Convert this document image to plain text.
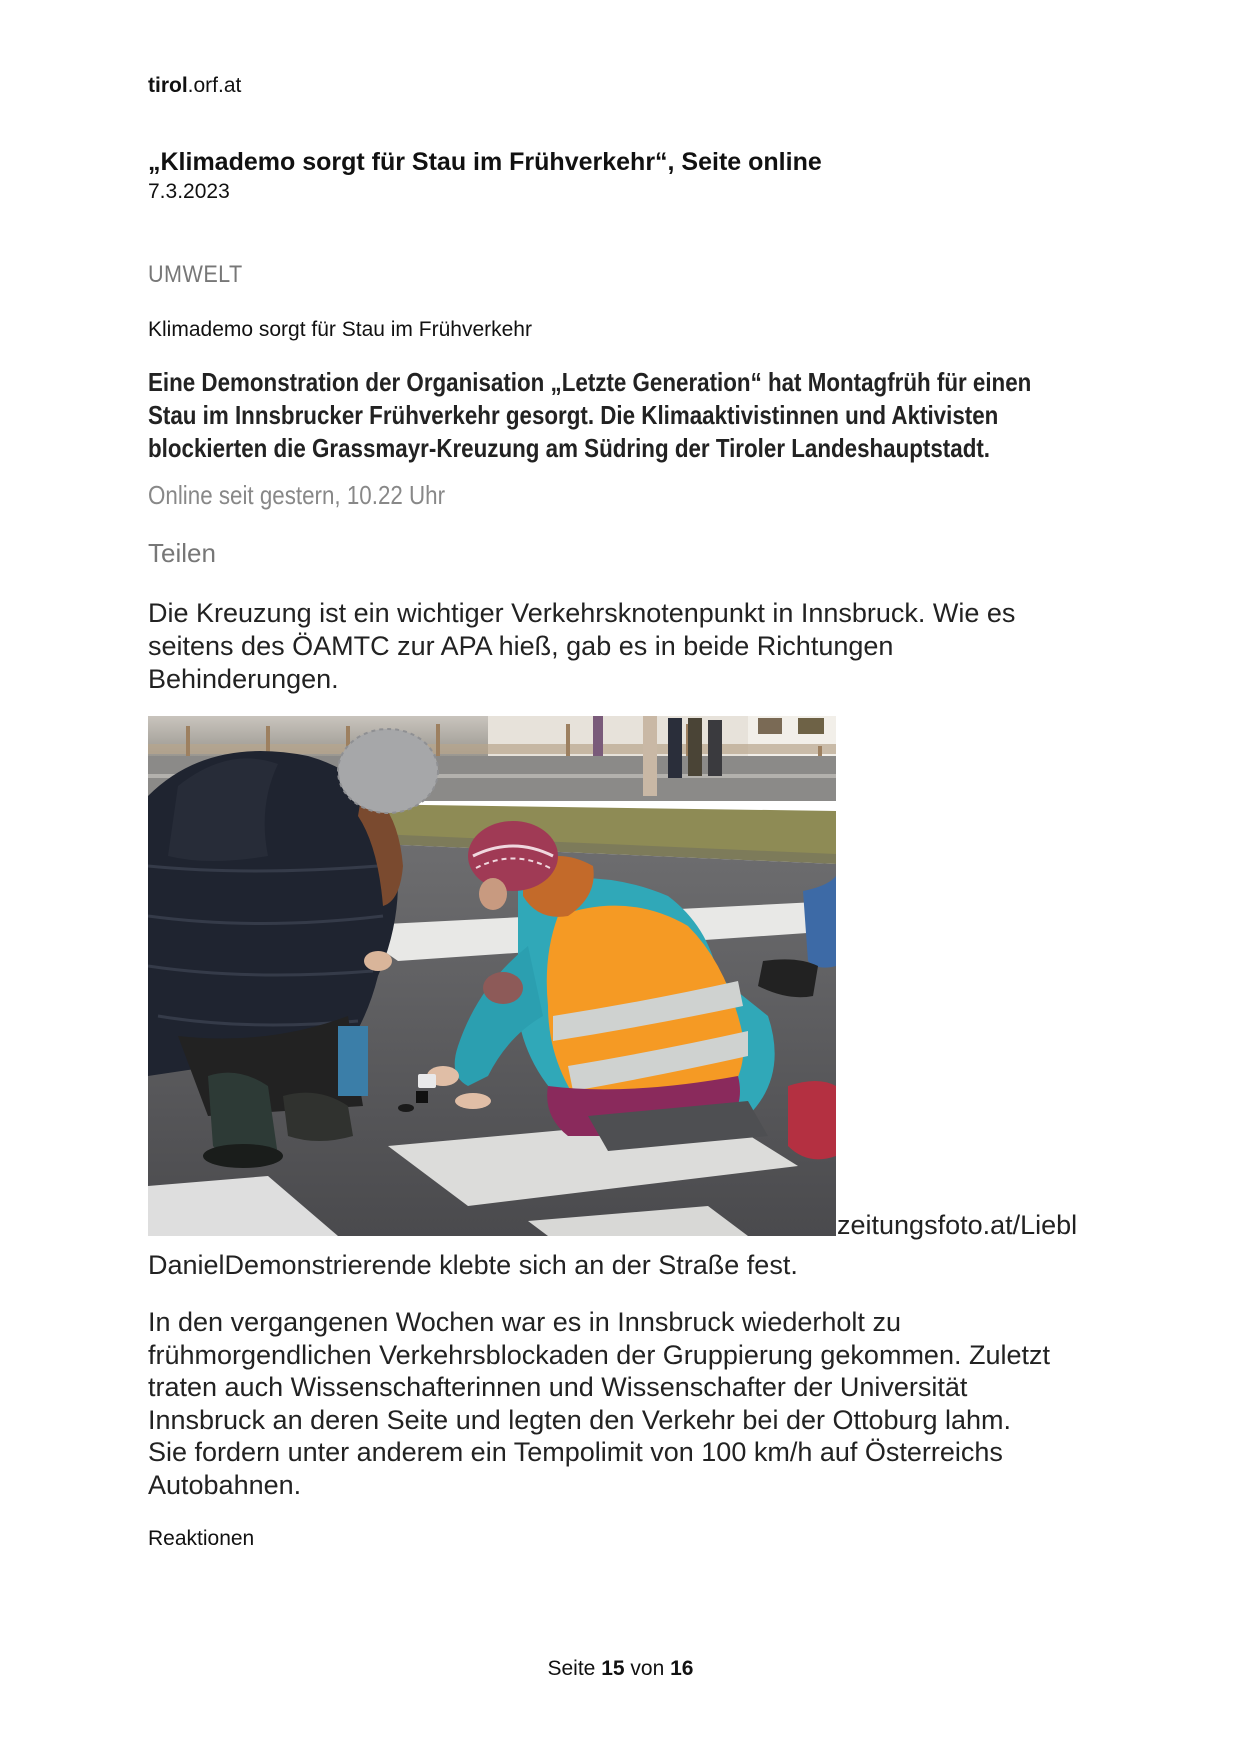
tirol.orf.at
„Klimademo sorgt für Stau im Frühverkehr“, Seite online
7.3.2023
UMWELT
Klimademo sorgt für Stau im Frühverkehr
Eine Demonstration der Organisation „Letzte Generation“ hat Montagfrüh für einen
Stau im Innsbrucker Frühverkehr gesorgt. Die Klimaaktivistinnen und Aktivisten
blockierten die Grassmayr-Kreuzung am Südring der Tiroler Landeshauptstadt.
Online seit gestern, 10.22 Uhr
Teilen
Die Kreuzung ist ein wichtiger Verkehrsknotenpunkt in Innsbruck. Wie es
seitens des ÖAMTC zur APA hieß, gab es in beide Richtungen
Behinderungen.
zeitungsfoto.at/Liebl
DanielDemonstrierende klebte sich an der Straße fest.
In den vergangenen Wochen war es in Innsbruck wiederholt zu
frühmorgendlichen Verkehrsblockaden der Gruppierung gekommen. Zuletzt
traten auch Wissenschafterinnen und Wissenschafter der Universität
Innsbruck an deren Seite und legten den Verkehr bei der Ottoburg lahm.
Sie fordern unter anderem ein Tempolimit von 100 km/h auf Österreichs
Autobahnen.
Reaktionen
Seite 15 von 16
